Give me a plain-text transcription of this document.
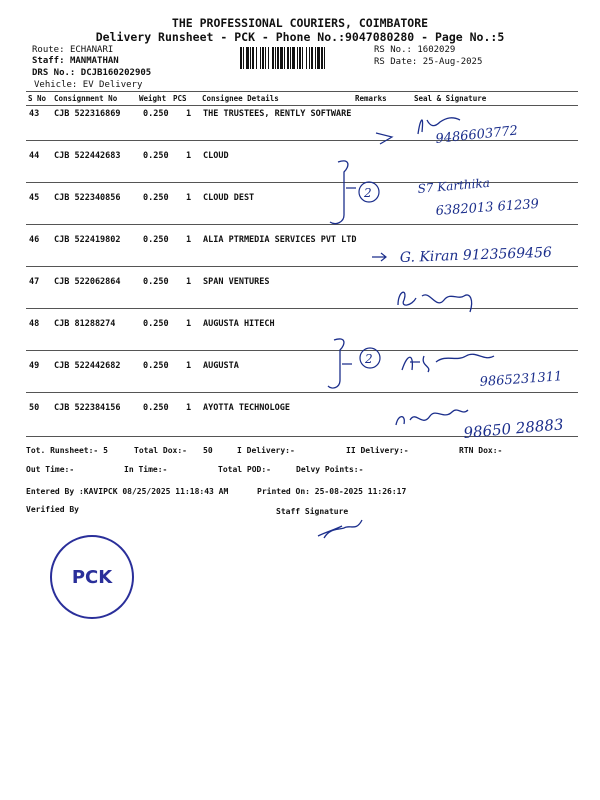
THE PROFESSIONAL COURIERS, COIMBATORE
Delivery Runsheet - PCK - Phone No.:9047080280 - Page No.:5
Route: ECHANARI
Staff: MANMATHAN
DRS No.: DCJB160202905
Vehicle: EV Delivery
RS No.: 1602029
RS Date: 25-Aug-2025
S No Consignment No	Weight PCS Consignee Details	Remarks	Seal & Signature
43 CJB 522316869	0.250 1 THE TRUSTEES, RENTLY SOFTWARE
44 CJB 522442683	0.250 1 CLOUD
45 CJB 522340856	0.250 1 CLOUD DEST
46 CJB 522419802	0.250 1 ALIA PTRMEDIA SERVICES PVT LTD
47 CJB 522062864	0.250 1 SPAN VENTURES
48 CJB 81288274	0.250 1 AUGUSTA HITECH
49 CJB 522442682	0.250 1 AUGUSTA
50 CJB 522384156	0.250 1 AYOTTA TECHNOLOGE
Tot. Runsheet:- 5	Total Dox:- 50	I Delivery:-	II Delivery:-	RTN Dox:-
Out Time:-	In Time:-	Total POD:-	Delvy Points:-
Entered By :KAVIPCK 08/25/2025 11:18:43 AM	Printed On: 25-08-2025 11:26:17
Verified By	Staff Signature
9486603772
2	S7 Karthika
6382013 61239
G. Kiran 9123569456
2
9865231311
98650 28883
PCK
